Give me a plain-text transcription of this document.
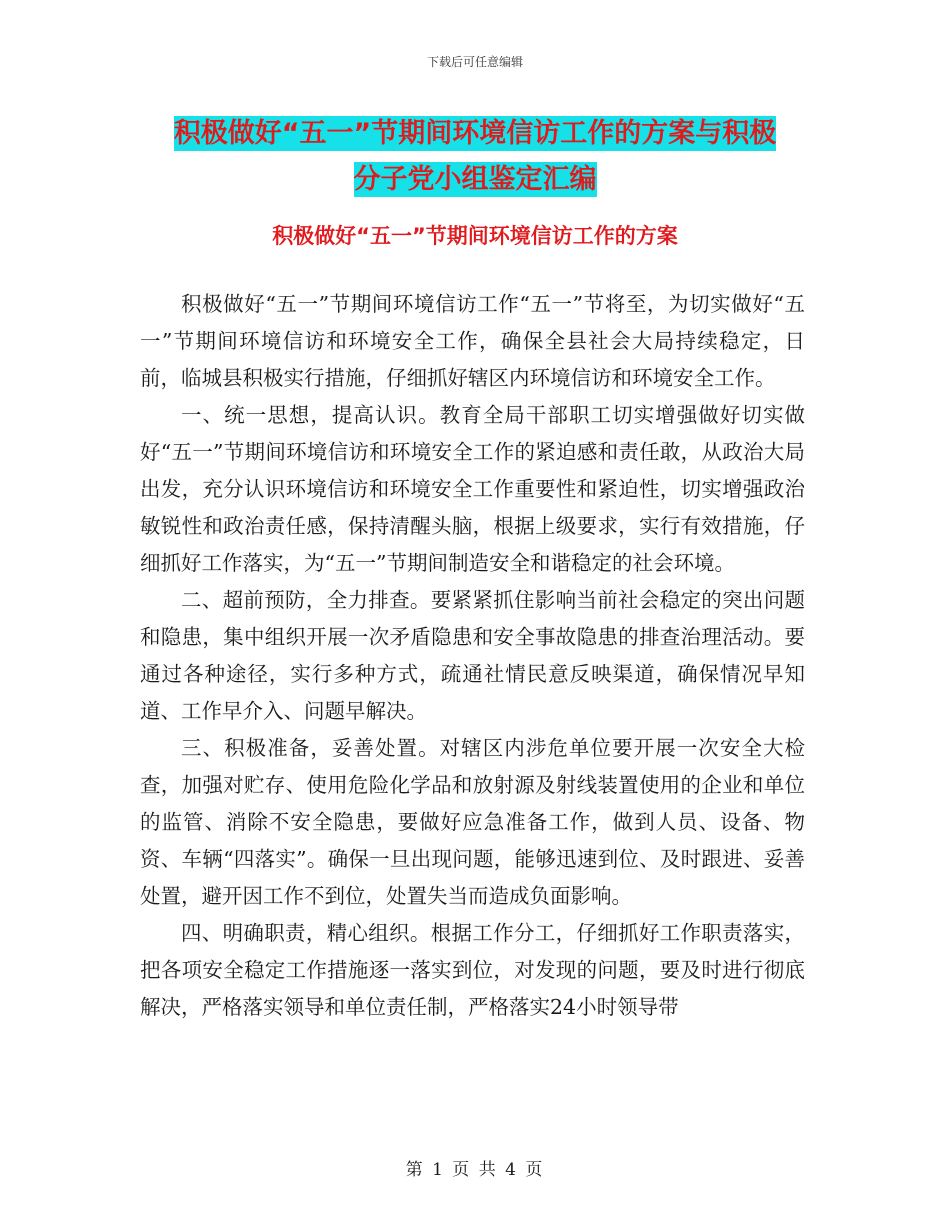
下载后可任意编辑
积极做好“五一”节期间环境信访工作的方案与积极
分子党小组鉴定汇编
积极做好“五一”节期间环境信访工作的方案

积极做好“五一”节期间环境信访工作“五一”节将至，为切实做好“五一”节期间环境信访和环境安全工作，确保全县社会大局持续稳定，日前，临城县积极实行措施，仔细抓好辖区内环境信访和环境安全工作。

一、统一思想，提高认识。教育全局干部职工切实增强做好切实做好“五一”节期间环境信访和环境安全工作的紧迫感和责任敢，从政治大局出发，充分认识环境信访和环境安全工作重要性和紧迫性，切实增强政治敏锐性和政治责任感，保持清醒头脑，根据上级要求，实行有效措施，仔细抓好工作落实，为“五一”节期间制造安全和谐稳定的社会环境。

二、超前预防，全力排查。要紧紧抓住影响当前社会稳定的突出问题和隐患，集中组织开展一次矛盾隐患和安全事故隐患的排查治理活动。要通过各种途径，实行多种方式，疏通社情民意反映渠道，确保情况早知道、工作早介入、问题早解决。

三、积极准备，妥善处置。对辖区内涉危单位要开展一次安全大检查，加强对贮存、使用危险化学品和放射源及射线装置使用的企业和单位的监管、消除不安全隐患，要做好应急准备工作，做到人员、设备、物资、车辆“四落实”。确保一旦出现问题，能够迅速到位、及时跟进、妥善处置，避开因工作不到位，处置失当而造成负面影响。

四、明确职责，精心组织。根据工作分工，仔细抓好工作职责落实，把各项安全稳定工作措施逐一落实到位，对发现的问题，要及时进行彻底解决，严格落实领导和单位责任制，严格落实24小时领导带

第 1 页 共 4 页
